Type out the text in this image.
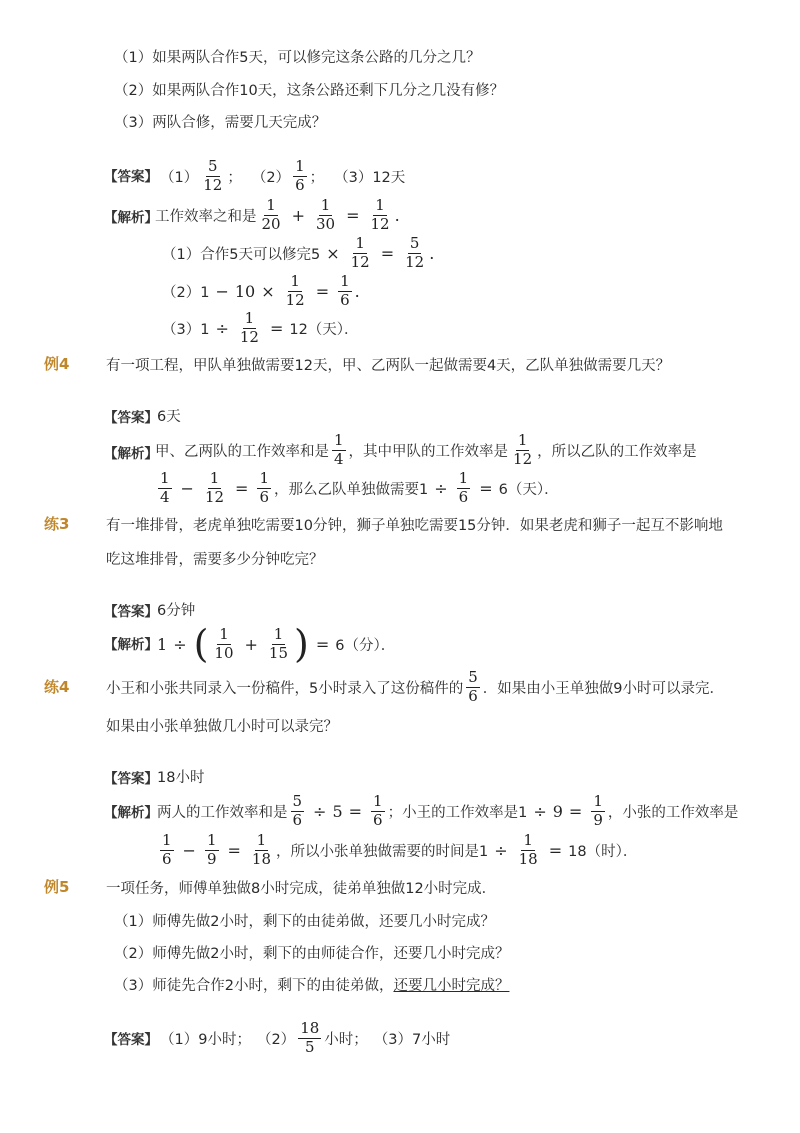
（1）如果两队合作5天，可以修完这条公路的几分之几？
（2）如果两队合作10天，这条公路还剩下几分之几没有修？
（3）两队合修，需要几天完成？
【答案】 $(1) \frac{5}{12}$ ； $(2) \frac{1}{6}$ ； （3）12天
【解析】
工作效率之和是 $\frac{1}{20} + \frac{1}{30} = \frac{1}{12}$ .
（1）合作5天可以修完$5 \times \frac{1}{12} = \frac{5}{12}$ .
$(2)1 - 10 \times \frac{1}{12} = \frac{1}{6}$ .
$(3)1 \div \frac{1}{12} = 12$（天）．
例4	有一项工程，甲队单独做需要12天，甲、乙两队一起做需要4天，乙队单独做需要几天？
【答案】 6天
【解析】
甲、乙两队的工作效率和是 $\frac{1}{4}$ ，其中甲队的工作效率是 $\frac{1}{12}$ ，所以乙队的工作效率是
$\frac{1}{4} - \frac{1}{12} = \frac{1}{6}$ ，那么乙队单独做需要$1 \div \frac{1}{6} = 6$（天）．
练3	有一堆排骨，老虎单独吃需要10分钟，狮子单独吃需要15分钟．如果老虎和狮子一起互不影响地
吃这堆排骨，需要多少分钟吃完？
【答案】 6分钟
【解析】 1 ÷ ( $\frac{1}{10} + \frac{1}{15}$ ) = 6（分）．
练4	小王和小张共同录入一份稿件，5小时录入了这份稿件的 $\frac{5}{6}$ ．如果由小王单独做9小时可以录完．
如果由小张单独做几小时可以录完？
【答案】 18小时
【解析】 两人的工作效率和是 $\frac{5}{6} \div 5 = \frac{1}{6}$ ；小王的工作效率是$1 \div 9 = \frac{1}{9}$ ，小张的工作效率是
$\frac{1}{6} - \frac{1}{9} = \frac{1}{18}$ ，所以小张单独做需要的时间是$1 \div \frac{1}{18} = 18$（时）．
例5	一项任务，师傅单独做8小时完成，徒弟单独做12小时完成．
（1）师傅先做2小时，剩下的由徒弟做，还要几小时完成？
（2）师傅先做2小时，剩下的由师徒合作，还要几小时完成？
（3）师徒先合作2小时，剩下的由徒弟做，还要几小时完成？
【答案】 （1）9小时； $(2) \frac{18}{5}$ 小时； （3）7小时
